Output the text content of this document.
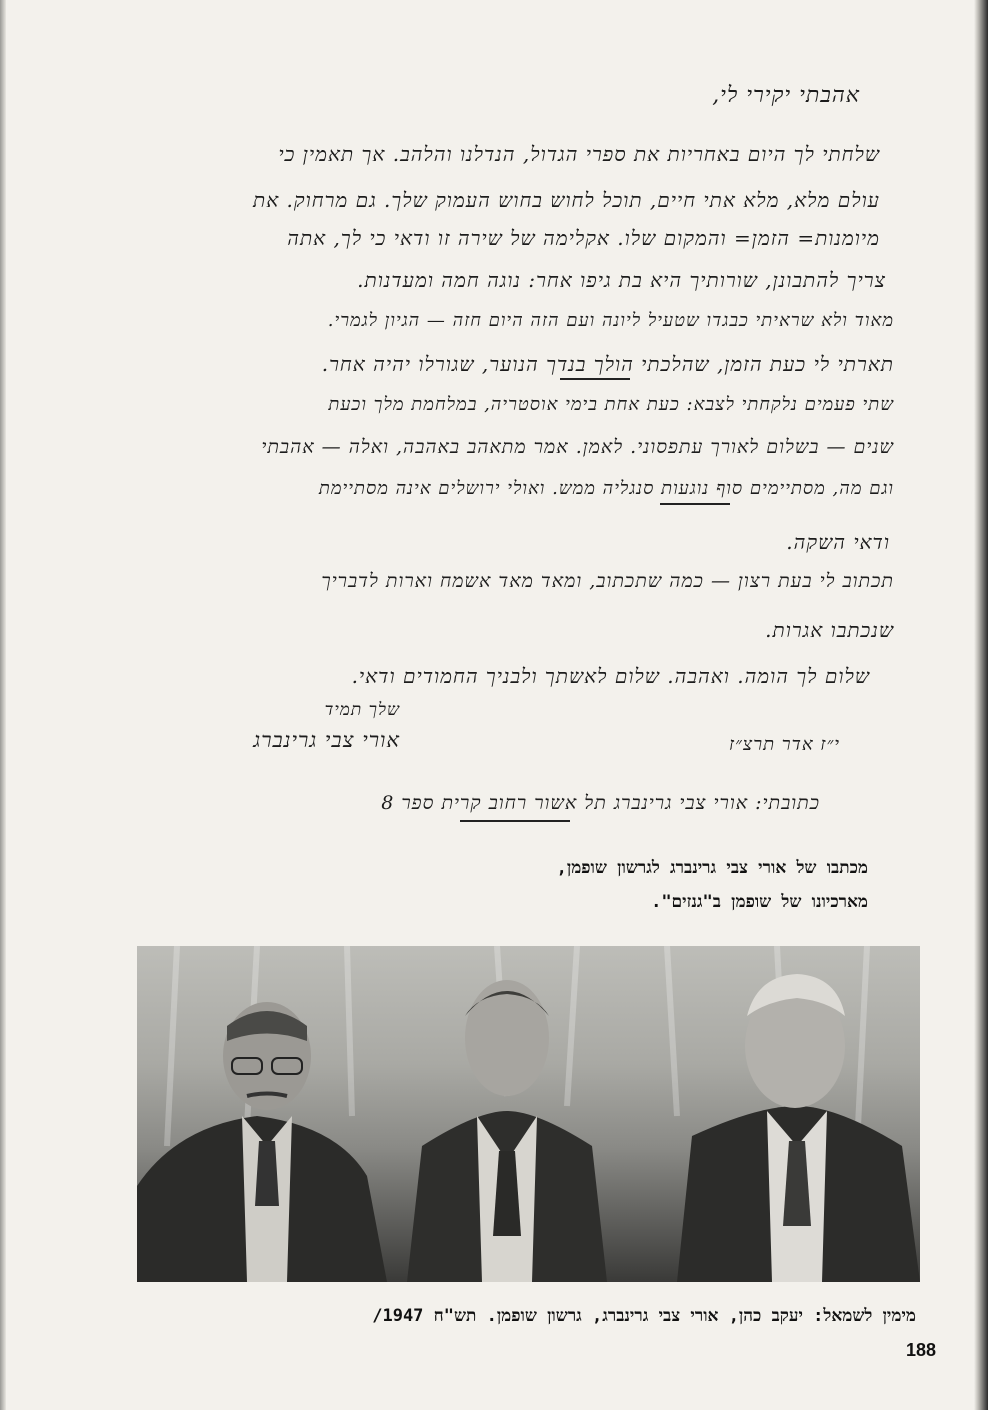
אהבתי יקירי לי,
שלחתי לך היום באחריות את ספרי הגדול, הנדלנו והלהב. אך תאמין כי
עולם מלא, מלא אתי חיים, תוכל לחוש בחוש העמוק שלך. גם מרחוק. את
מיומנות= הזמן= והמקום שלו. אקלימה של שירה זו ודאי כי לך, אתה
צריך להתבונן, שורותיך היא בת גיפו אחר: נוגה חמה ומעדנות.
מאוד ולא שראיתי כבגדו שטעיל ליונה ועם הזה היום חזה — הגיון לגמרי.
תארתי לי כעת הזמן, שהלכתי הולך בנדך הנוער, שגורלו יהיה אחר.
שתי פעמים נלקחתי לצבא: כעת אחת בימי אוסטריה, במלחמת מלך וכעת
שנים — בשלום לאורך עתפסוני. לאמן. אמר מתאהב באהבה, ואלה — אהבתי
וגם מה, מסתיימים סוף נוגעות סנגליה ממש. ואולי ירושלים אינה מסתיימת
ודאי השקה.
תכתוב לי בעת רצון — כמה שתכתוב, ומאד מאד אשמח וארות לדבריך
שנכתבו אגרות.
שלום לך הומה. ואהבה. שלום לאשתך ולבניך החמודים ודאי.
שלך תמיד
אורי צבי גרינברג	י״ז אדר תרצ״ז
כתובתי: אורי צבי גרינברג תל אשור רחוב קרית ספר 8
מכתבו של אורי צבי גרינברג לגרשון שופמן,
מארכיונו של שופמן ב"גנזים".
מימין לשמאל: יעקב כהן, אורי צבי גרינברג, גרשון שופמן. תש"ח 1947/
188
